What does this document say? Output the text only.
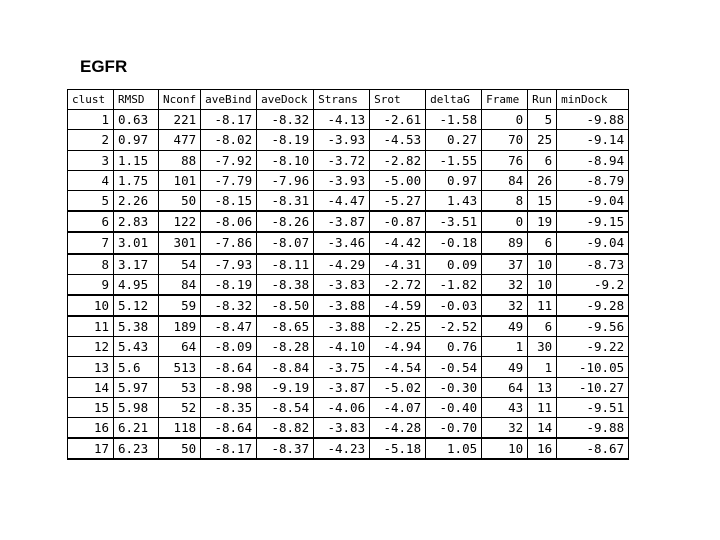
EGFR
clust	RMSD	Nconf	aveBind	aveDock	Strans	Srot	deltaG	Frame	Run	minDock
1	0.63	221	-8.17	-8.32	-4.13	-2.61	-1.58	0	5	-9.88
2	0.97	477	-8.02	-8.19	-3.93	-4.53	0.27	70	25	-9.14
3	1.15	88	-7.92	-8.10	-3.72	-2.82	-1.55	76	6	-8.94
4	1.75	101	-7.79	-7.96	-3.93	-5.00	0.97	84	26	-8.79
5	2.26	50	-8.15	-8.31	-4.47	-5.27	1.43	8	15	-9.04
6	2.83	122	-8.06	-8.26	-3.87	-0.87	-3.51	0	19	-9.15
7	3.01	301	-7.86	-8.07	-3.46	-4.42	-0.18	89	6	-9.04
8	3.17	54	-7.93	-8.11	-4.29	-4.31	0.09	37	10	-8.73
9	4.95	84	-8.19	-8.38	-3.83	-2.72	-1.82	32	10	-9.2
10	5.12	59	-8.32	-8.50	-3.88	-4.59	-0.03	32	11	-9.28
11	5.38	189	-8.47	-8.65	-3.88	-2.25	-2.52	49	6	-9.56
12	5.43	64	-8.09	-8.28	-4.10	-4.94	0.76	1	30	-9.22
13	5.6	513	-8.64	-8.84	-3.75	-4.54	-0.54	49	1	-10.05
14	5.97	53	-8.98	-9.19	-3.87	-5.02	-0.30	64	13	-10.27
15	5.98	52	-8.35	-8.54	-4.06	-4.07	-0.40	43	11	-9.51
16	6.21	118	-8.64	-8.82	-3.83	-4.28	-0.70	32	14	-9.88
17	6.23	50	-8.17	-8.37	-4.23	-5.18	1.05	10	16	-8.67
